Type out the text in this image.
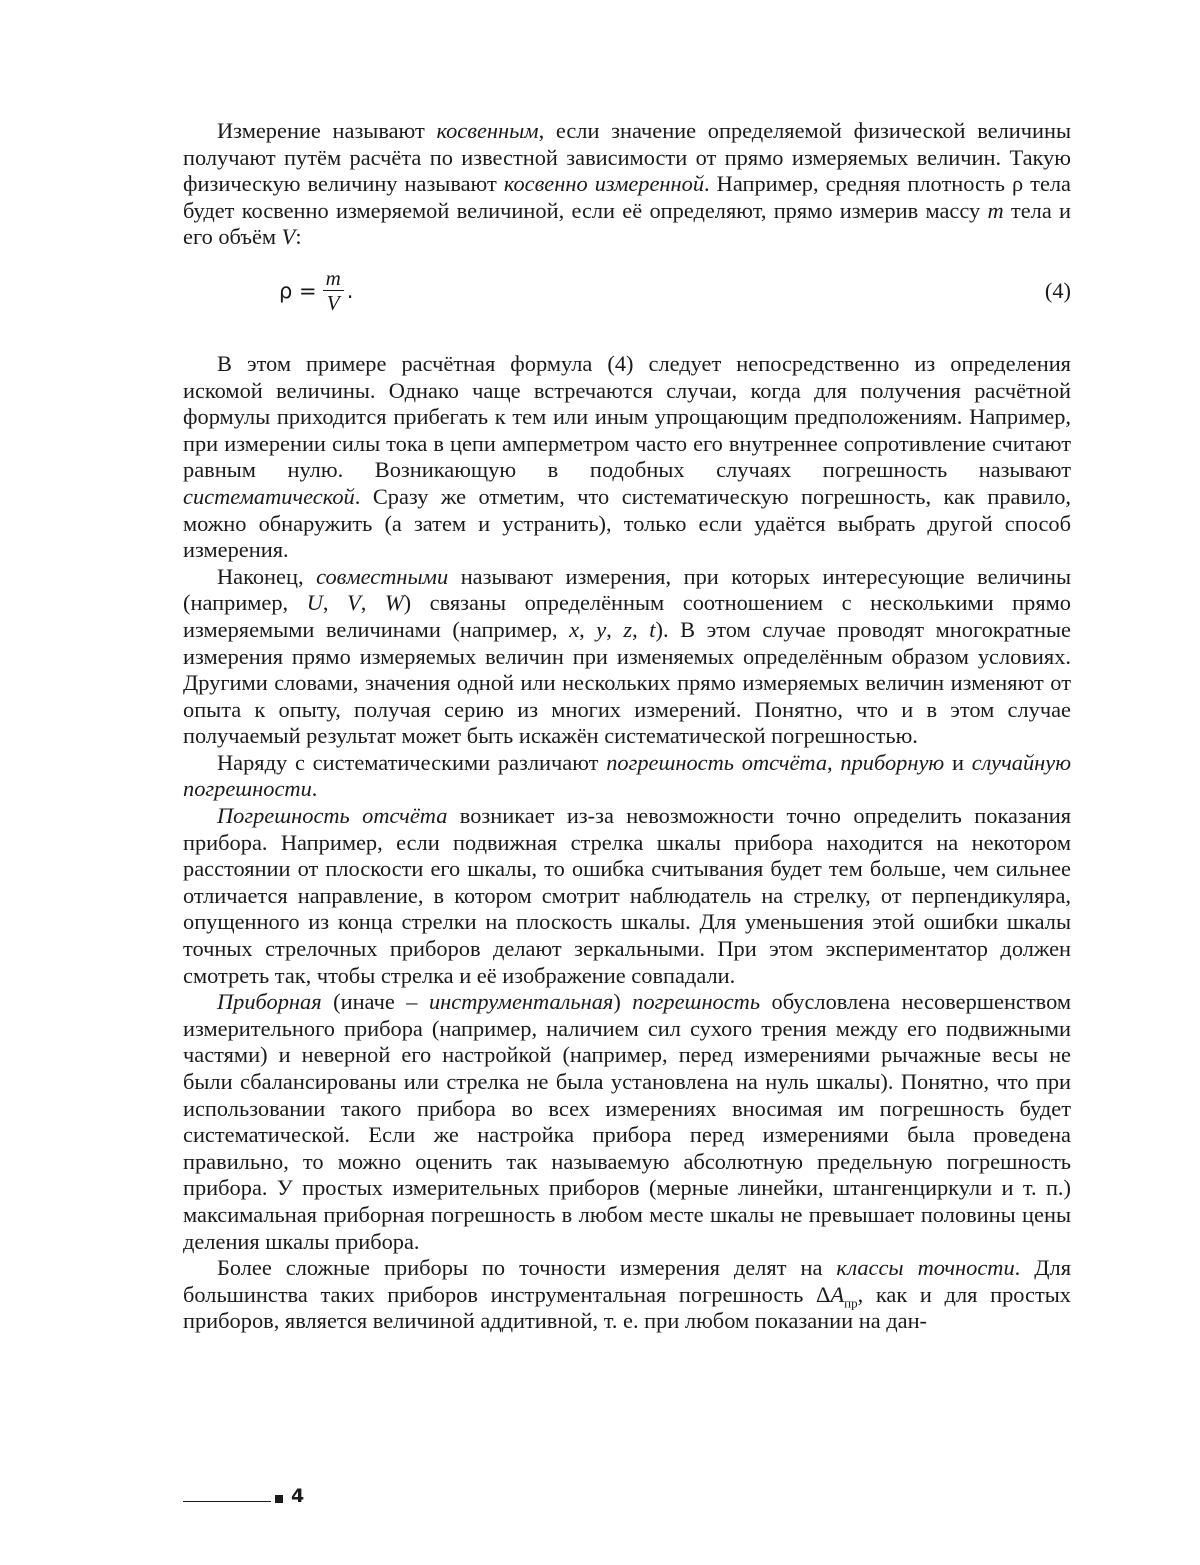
Измерение называют косвенным, если значение определяемой физической величины получают путём расчёта по известной зависимости от прямо измеряемых величин. Такую физическую величину называют косвенно измеренной. Например, средняя плотность ρ тела будет косвенно измеряемой величиной, если её определяют, прямо измерив массу m тела и его объём V:

$\rho = \frac{m}{V}$ .	(4)

В этом примере расчётная формула (4) следует непосредственно из определения искомой величины. Однако чаще встречаются случаи, когда для получения расчётной формулы приходится прибегать к тем или иным упрощающим предположениям. Например, при измерении силы тока в цепи амперметром часто его внутреннее сопротивление считают равным нулю. Возникающую в подобных случаях погрешность называют систематической. Сразу же отметим, что систематическую погрешность, как правило, можно обнаружить (а затем и устранить), только если удаётся выбрать другой способ измерения.

Наконец, совместными называют измерения, при которых интересующие величины (например, U, V, W) связаны определённым соотношением с несколькими прямо измеряемыми величинами (например, x, y, z, t). В этом случае проводят многократные измерения прямо измеряемых величин при изменяемых определённым образом условиях. Другими словами, значения одной или нескольких прямо измеряемых величин изменяют от опыта к опыту, получая серию из многих измерений. Понятно, что и в этом случае получаемый результат может быть искажён систематической погрешностью.

Наряду с систематическими различают погрешность отсчёта, приборную и случайную погрешности.

Погрешность отсчёта возникает из-за невозможности точно определить показания прибора. Например, если подвижная стрелка шкалы прибора находится на некотором расстоянии от плоскости его шкалы, то ошибка считывания будет тем больше, чем сильнее отличается направление, в котором смотрит наблюдатель на стрелку, от перпендикуляра, опущенного из конца стрелки на плоскость шкалы. Для уменьшения этой ошибки шкалы точных стрелочных приборов делают зеркальными. При этом экспериментатор должен смотреть так, чтобы стрелка и её изображение совпадали.

Приборная (иначе – инструментальная) погрешность обусловлена несовершенством измерительного прибора (например, наличием сил сухого трения между его подвижными частями) и неверной его настройкой (например, перед измерениями рычажные весы не были сбалансированы или стрелка не была установлена на нуль шкалы). Понятно, что при использовании такого прибора во всех измерениях вносимая им погрешность будет систематической. Если же настройка прибора перед измерениями была проведена правильно, то можно оценить так называемую абсолютную предельную погрешность прибора. У простых измерительных приборов (мерные линейки, штангенциркули и т. п.) максимальная приборная погрешность в любом месте шкалы не превышает половины цены деления шкалы прибора.

Более сложные приборы по точности измерения делят на классы точности. Для большинства таких приборов инструментальная погрешность $\Delta A_{пр}$, как и для простых приборов, является величиной аддитивной, т. е. при любом показании на дан-

4
